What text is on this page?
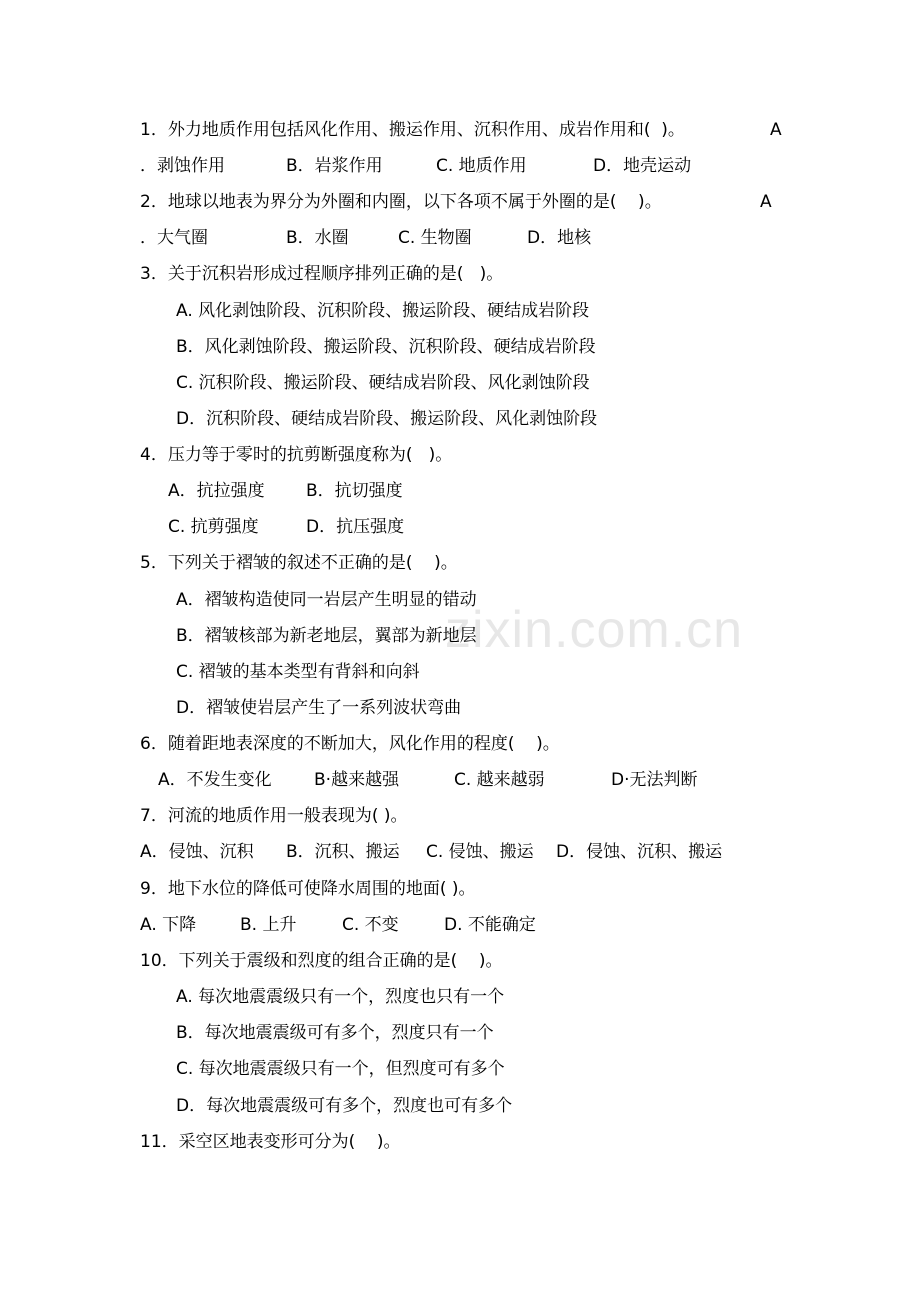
zixin.com.cn

1．外力地质作用包括风化作用、搬运作用、沉积作用、成岩作用和(  )。

	A

．剥蚀作用

	B．岩浆作用

	C. 地质作用

	D．地壳运动

2．地球以地表为界分为外圈和内圈，以下各项不属于外圈的是(    )。

	A

．大气圈

	B．水圈

	C. 生物圈

	D．地核

3．关于沉积岩形成过程顺序排列正确的是(   )。

A. 风化剥蚀阶段、沉积阶段、搬运阶段、硬结成岩阶段

B．风化剥蚀阶段、搬运阶段、沉积阶段、硬结成岩阶段

C. 沉积阶段、搬运阶段、硬结成岩阶段、风化剥蚀阶段

D．沉积阶段、硬结成岩阶段、搬运阶段、风化剥蚀阶段

4．压力等于零时的抗剪断强度称为(   )。

A．抗拉强度

B．抗切强度

C. 抗剪强度

	D．抗压强度

5．下列关于褶皱的叙述不正确的是(    )。

A．褶皱构造使同一岩层产生明显的错动

B．褶皱核部为新老地层，翼部为新地层

C. 褶皱的基本类型有背斜和向斜

D．褶皱使岩层产生了一系列波状弯曲

6．随着距地表深度的不断加大，风化作用的程度(    )。

A．不发生变化

B·越来越强

	C. 越来越弱

	D·无法判断

7．河流的地质作用一般表现为( )。

A．侵蚀、沉积

B．沉积、搬运

C. 侵蚀、搬运

D．侵蚀、沉积、搬运

9．地下水位的降低可使降水周围的地面( )。

A. 下降

	B. 上升

	C. 不变

	D. 不能确定

10．下列关于震级和烈度的组合正确的是(    )。

A. 每次地震震级只有一个，烈度也只有一个

B．每次地震震级可有多个，烈度只有一个

C. 每次地震震级只有一个，但烈度可有多个

D．每次地震震级可有多个，烈度也可有多个

11．采空区地表变形可分为(    )。
